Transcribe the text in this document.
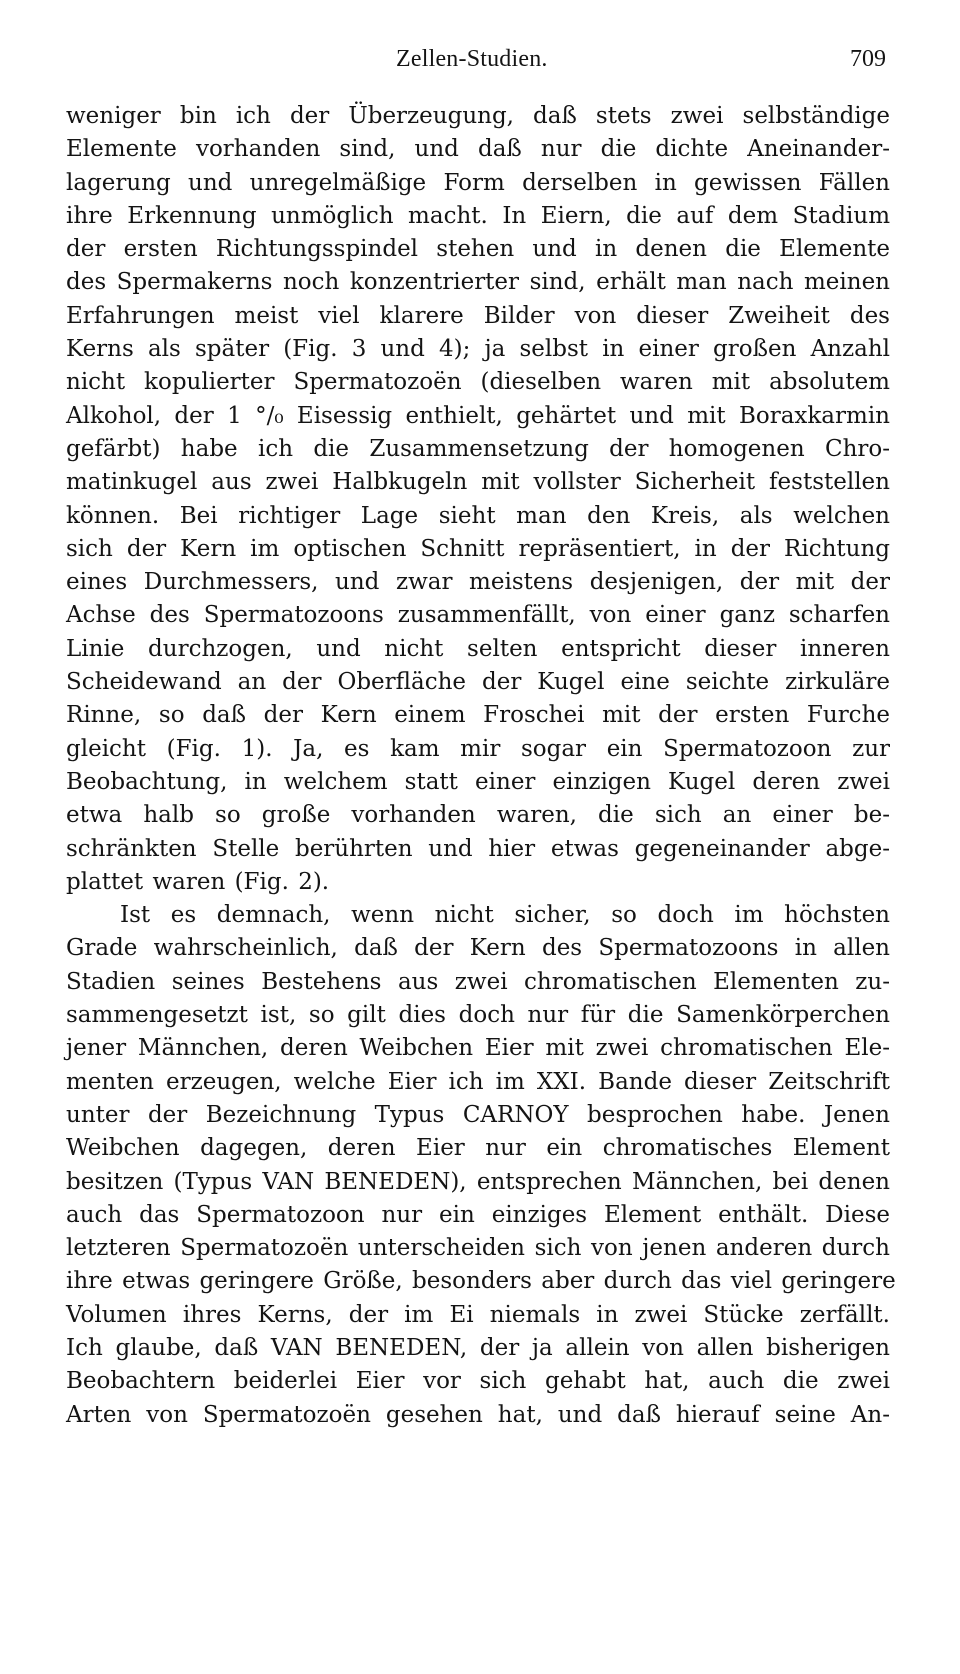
Zellen-Studien.	709
weniger bin ich der Überzeugung, daß stets zwei selbständige
Elemente vorhanden sind, und daß nur die dichte Aneinander-
lagerung und unregelmäßige Form derselben in gewissen Fällen
ihre Erkennung unmöglich macht. In Eiern, die auf dem Stadium
der ersten Richtungsspindel stehen und in denen die Elemente
des Spermakerns noch konzentrierter sind, erhält man nach meinen
Erfahrungen meist viel klarere Bilder von dieser Zweiheit des
Kerns als später (Fig. 3 und 4); ja selbst in einer großen Anzahl
nicht kopulierter Spermatozoën (dieselben waren mit absolutem
Alkohol, der 1 °/₀ Eisessig enthielt, gehärtet und mit Boraxkarmin
gefärbt) habe ich die Zusammensetzung der homogenen Chro-
matinkugel aus zwei Halbkugeln mit vollster Sicherheit feststellen
können. Bei richtiger Lage sieht man den Kreis, als welchen
sich der Kern im optischen Schnitt repräsentiert, in der Richtung
eines Durchmessers, und zwar meistens desjenigen, der mit der
Achse des Spermatozoons zusammenfällt, von einer ganz scharfen
Linie durchzogen, und nicht selten entspricht dieser inneren
Scheidewand an der Oberfläche der Kugel eine seichte zirkuläre
Rinne, so daß der Kern einem Froschei mit der ersten Furche
gleicht (Fig. 1). Ja, es kam mir sogar ein Spermatozoon zur
Beobachtung, in welchem statt einer einzigen Kugel deren zwei
etwa halb so große vorhanden waren, die sich an einer be-
schränkten Stelle berührten und hier etwas gegeneinander abge-
plattet waren (Fig. 2).
Ist es demnach, wenn nicht sicher, so doch im höchsten
Grade wahrscheinlich, daß der Kern des Spermatozoons in allen
Stadien seines Bestehens aus zwei chromatischen Elementen zu-
sammengesetzt ist, so gilt dies doch nur für die Samenkörperchen
jener Männchen, deren Weibchen Eier mit zwei chromatischen Ele-
menten erzeugen, welche Eier ich im XXI. Bande dieser Zeitschrift
unter der Bezeichnung Typus CARNOY besprochen habe. Jenen
Weibchen dagegen, deren Eier nur ein chromatisches Element
besitzen (Typus VAN BENEDEN), entsprechen Männchen, bei denen
auch das Spermatozoon nur ein einziges Element enthält. Diese
letzteren Spermatozoën unterscheiden sich von jenen anderen durch
ihre etwas geringere Größe, besonders aber durch das viel geringere
Volumen ihres Kerns, der im Ei niemals in zwei Stücke zerfällt.
Ich glaube, daß VAN BENEDEN, der ja allein von allen bisherigen
Beobachtern beiderlei Eier vor sich gehabt hat, auch die zwei
Arten von Spermatozoën gesehen hat, und daß hierauf seine An-
